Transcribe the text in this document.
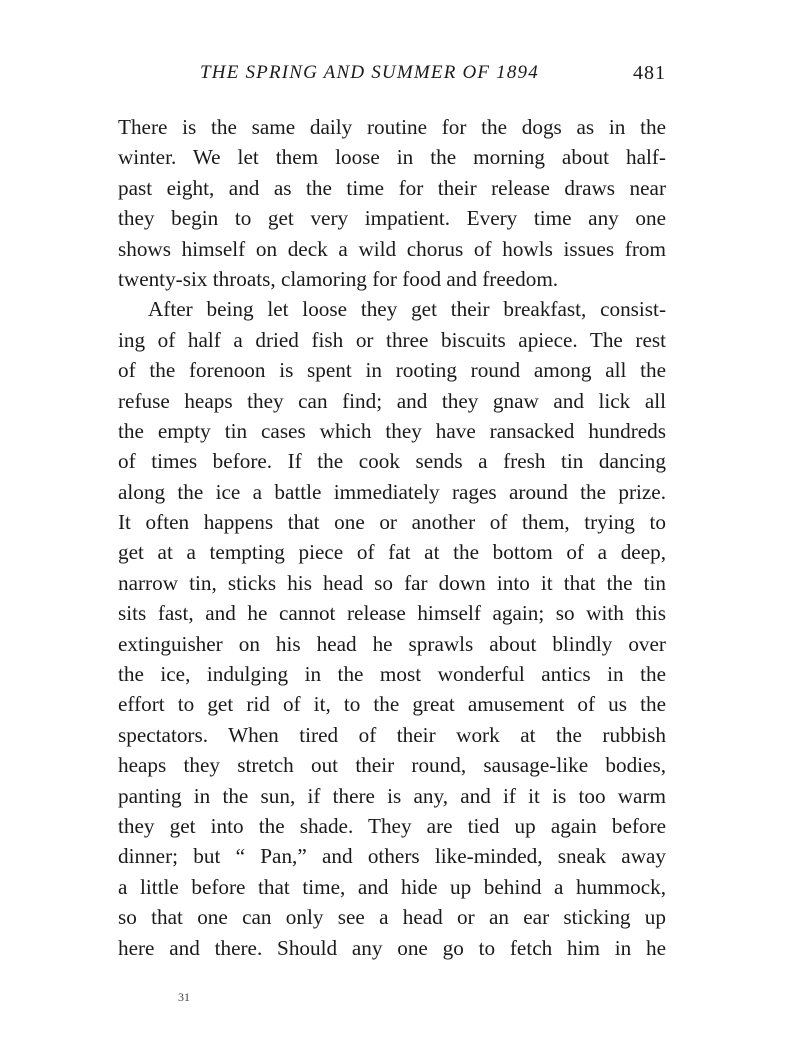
THE SPRING AND SUMMER OF 1894	481
There is the same daily routine for the dogs as in the
winter. We let them loose in the morning about half-
past eight, and as the time for their release draws near
they begin to get very impatient. Every time any one
shows himself on deck a wild chorus of howls issues from
twenty-six throats, clamoring for food and freedom.
After being let loose they get their breakfast, consist-
ing of half a dried fish or three biscuits apiece. The rest
of the forenoon is spent in rooting round among all the
refuse heaps they can find; and they gnaw and lick all
the empty tin cases which they have ransacked hundreds
of times before. If the cook sends a fresh tin dancing
along the ice a battle immediately rages around the prize.
It often happens that one or another of them, trying to
get at a tempting piece of fat at the bottom of a deep,
narrow tin, sticks his head so far down into it that the tin
sits fast, and he cannot release himself again; so with this
extinguisher on his head he sprawls about blindly over
the ice, indulging in the most wonderful antics in the
effort to get rid of it, to the great amusement of us the
spectators. When tired of their work at the rubbish
heaps they stretch out their round, sausage-like bodies,
panting in the sun, if there is any, and if it is too warm
they get into the shade. They are tied up again before
dinner; but “ Pan,” and others like-minded, sneak away
a little before that time, and hide up behind a hummock,
so that one can only see a head or an ear sticking up
here and there. Should any one go to fetch him in he
31
